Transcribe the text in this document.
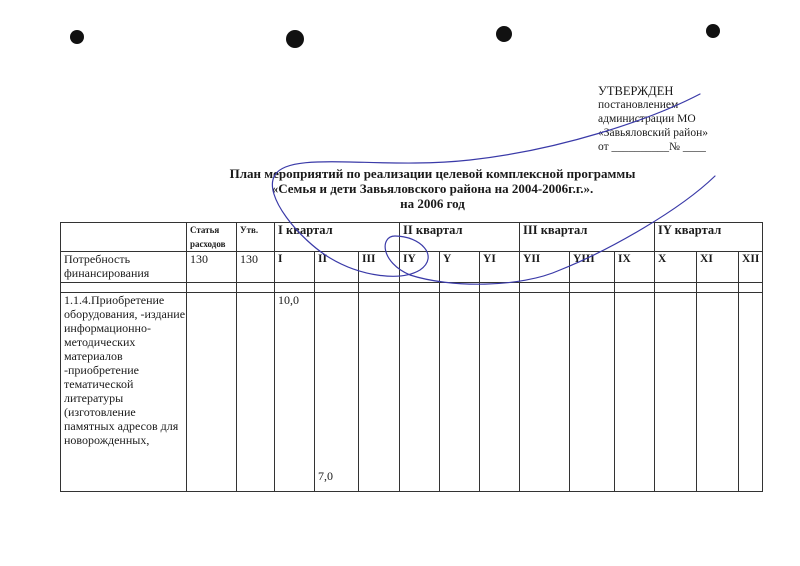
УТВЕРЖДЕН
постановлением
администрации МО
«Завьяловский район»
от __________№ ____
План мероприятий по реализации целевой комплексной программы
«Семья и дети Завьяловского района на 2004-2006г.г.».
на 2006 год
	Статья расходов	Утв.	I квартал			II квартал			III квартал			IY квартал		
Потребность финансирования	130	130	I	II	III	IY	Y	YI	YII	YIII	IX	X	XI	XII

1.1.4.Приобретение оборудования, -издание информационно-методических материалов -приобретение тематической литературы (изготовление памятных адресов для новорожденных,			10,0	7,0										
